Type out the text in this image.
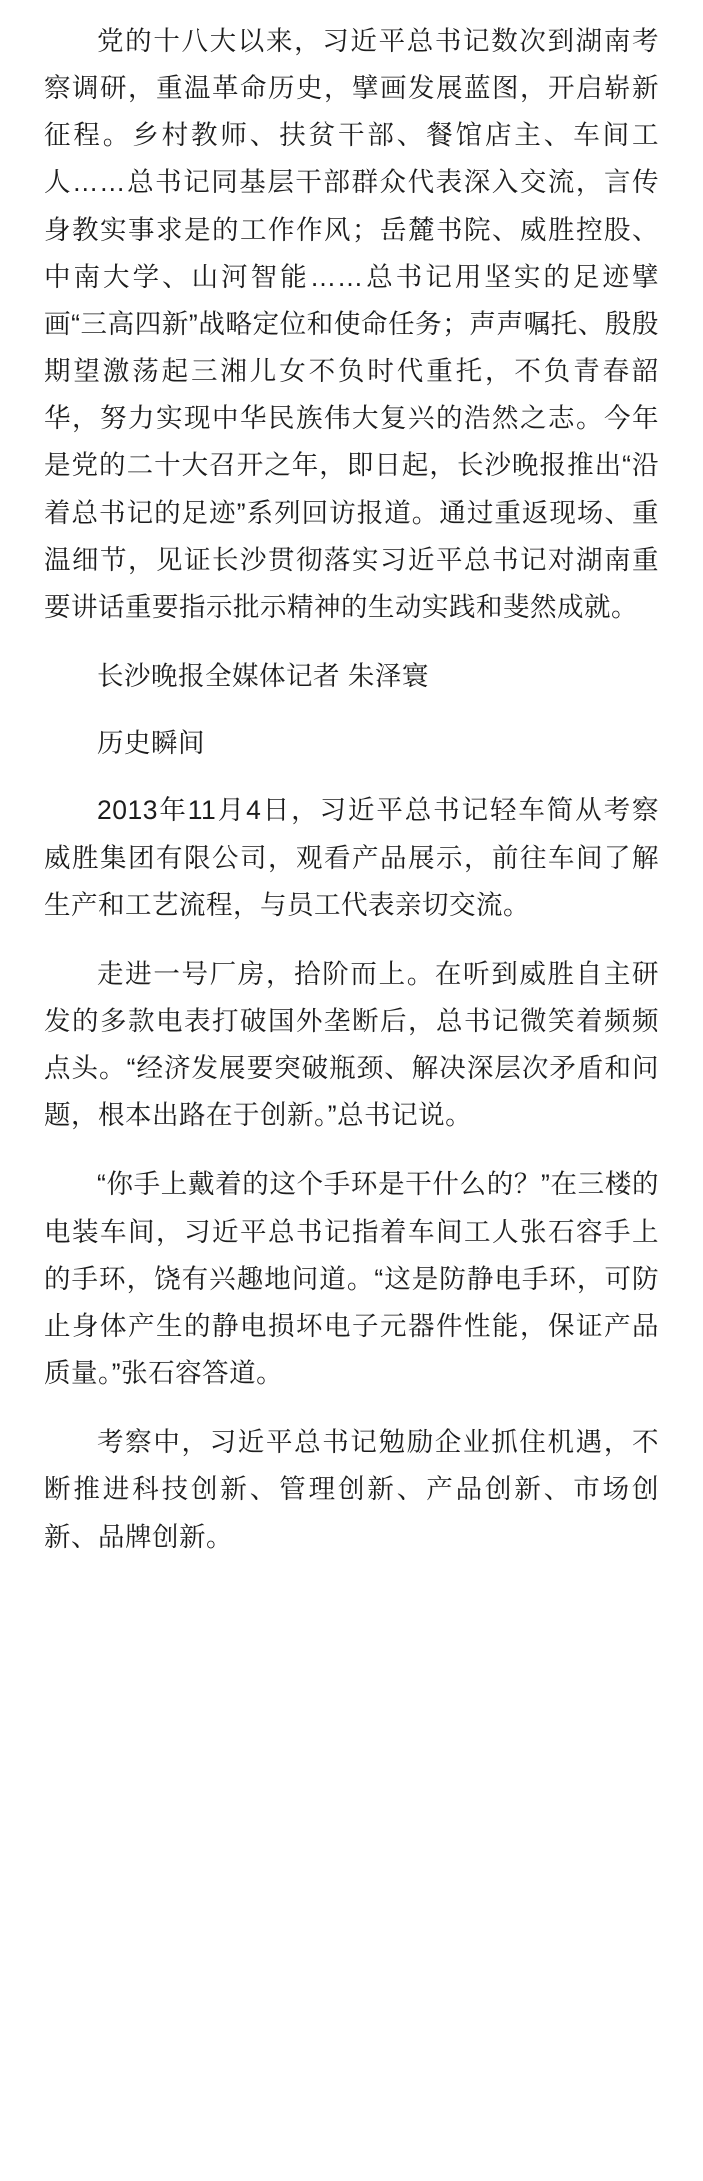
党的十八大以来，习近平总书记数次到湖南考察调研，重温革命历史，擘画发展蓝图，开启崭新征程。乡村教师、扶贫干部、餐馆店主、车间工人……总书记同基层干部群众代表深入交流，言传身教实事求是的工作作风；岳麓书院、威胜控股、中南大学、山河智能……总书记用坚实的足迹擘画“三高四新”战略定位和使命任务；声声嘱托、殷殷期望激荡起三湘儿女不负时代重托，不负青春韶华，努力实现中华民族伟大复兴的浩然之志。今年是党的二十大召开之年，即日起，长沙晚报推出“沿着总书记的足迹”系列回访报道。通过重返现场、重温细节，见证长沙贯彻落实习近平总书记对湖南重要讲话重要指示批示精神的生动实践和斐然成就。

长沙晚报全媒体记者 朱泽寰

历史瞬间

2013年11月4日，习近平总书记轻车简从考察威胜集团有限公司，观看产品展示，前往车间了解生产和工艺流程，与员工代表亲切交流。

走进一号厂房，拾阶而上。在听到威胜自主研发的多款电表打破国外垄断后，总书记微笑着频频点头。“经济发展要突破瓶颈、解决深层次矛盾和问题，根本出路在于创新。”总书记说。

“你手上戴着的这个手环是干什么的？”在三楼的电装车间，习近平总书记指着车间工人张石容手上的手环，饶有兴趣地问道。“这是防静电手环，可防止身体产生的静电损坏电子元器件性能，保证产品质量。”张石容答道。

考察中，习近平总书记勉励企业抓住机遇，不断推进科技创新、管理创新、产品创新、市场创新、品牌创新。
